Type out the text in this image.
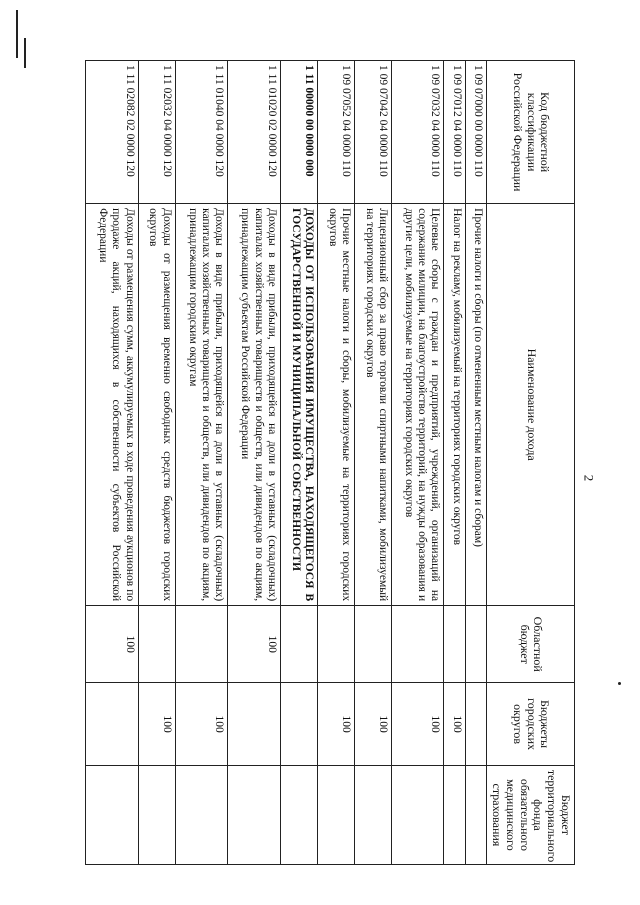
2
Код бюджетной классификации Российской Федерации	Наименование дохода	Областной бюджет	Бюджеты городских округов	Бюджет территориального фонда обязательного медицинского страхования
1 09 07000 00 0000 110	Прочие налоги и сборы (по отмененным местным налогам и сборам)			
1 09 07012 04 0000 110	Налог на рекламу, мобилизуемый на территориях городских округов		100	
1 09 07032 04 0000 110	Целевые сборы с граждан и предприятий, учреждений, организаций на содержание милиции, на благоустройство территорий, на нужды образования и другие цели, мобилизуемые на территориях городских округов		100	
1 09 07042 04 0000 110	Лицензионный сбор за право торговли спиртными напитками, мобилизуемый на территориях городских округов		100	
1 09 07052 04 0000 110	Прочие местные налоги и сборы, мобилизуемые на территориях городских округов		100	
1 11 00000 00 0000 000	ДОХОДЫ ОТ ИСПОЛЬЗОВАНИЯ ИМУЩЕСТВА, НАХОДЯЩЕГОСЯ В ГОСУДАРСТВЕННОЙ И МУНИЦИПАЛЬНОЙ СОБСТВЕННОСТИ			
1 11 01020 02 0000 120	Доходы в виде прибыли, приходящейся на доли в уставных (складочных) капиталах хозяйственных товариществ и обществ, или дивидендов по акциям, принадлежащим субъектам Российской Федерации	100		
1 11 01040 04 0000 120	Доходы в виде прибыли, приходящейся на доли в уставных (складочных) капиталах хозяйственных товариществ и обществ, или дивидендов по акциям, принадлежащим городским округам		100	
1 11 02032 04 0000 120	Доходы от размещения временно свободных средств бюджетов городских округов		100	
1 11 02082 02 0000 120	Доходы от размещения сумм, аккумулируемых в ходе проведения аукционов по продаже акций, находящихся в собственности субъектов Российской Федерации	100		
